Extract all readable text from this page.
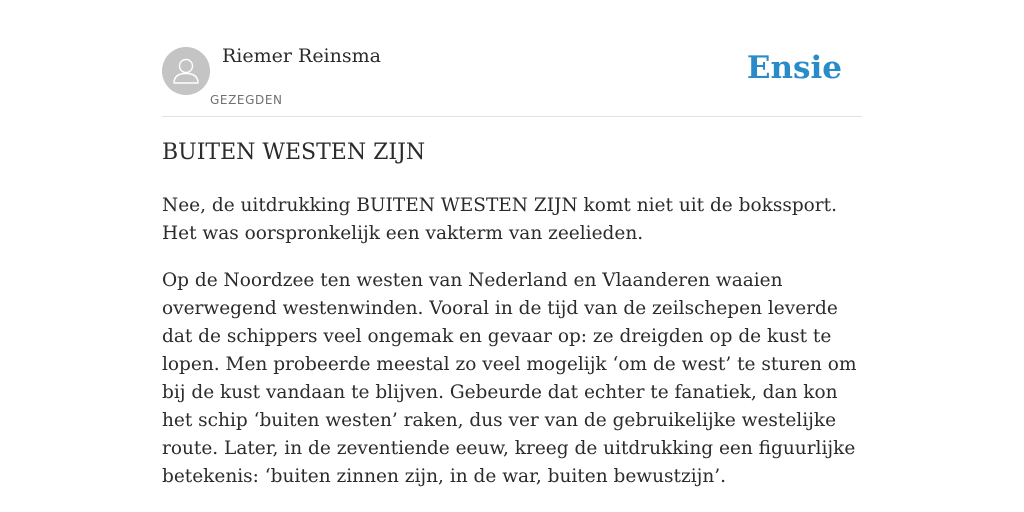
Riemer Reinsma
GEZEGDEN
Ensie
BUITEN WESTEN ZIJN

Nee, de uitdrukking BUITEN WESTEN ZIJN komt niet uit de bokssport. Het was oorspronkelijk een vakterm van zeelieden.

Op de Noordzee ten westen van Nederland en Vlaanderen waaien overwegend westenwinden. Vooral in de tijd van de zeilschepen leverde dat de schippers veel ongemak en gevaar op: ze dreigden op de kust te lopen. Men probeerde meestal zo veel mogelijk ‘om de west’ te sturen om bij de kust vandaan te blijven. Gebeurde dat echter te fanatiek, dan kon het schip ‘buiten westen’ raken, dus ver van de gebruikelijke westelijke route. Later, in de zeventiende eeuw, kreeg de uitdrukking een figuurlijke betekenis: ‘buiten zinnen zijn, in de war, buiten bewustzijn’.
